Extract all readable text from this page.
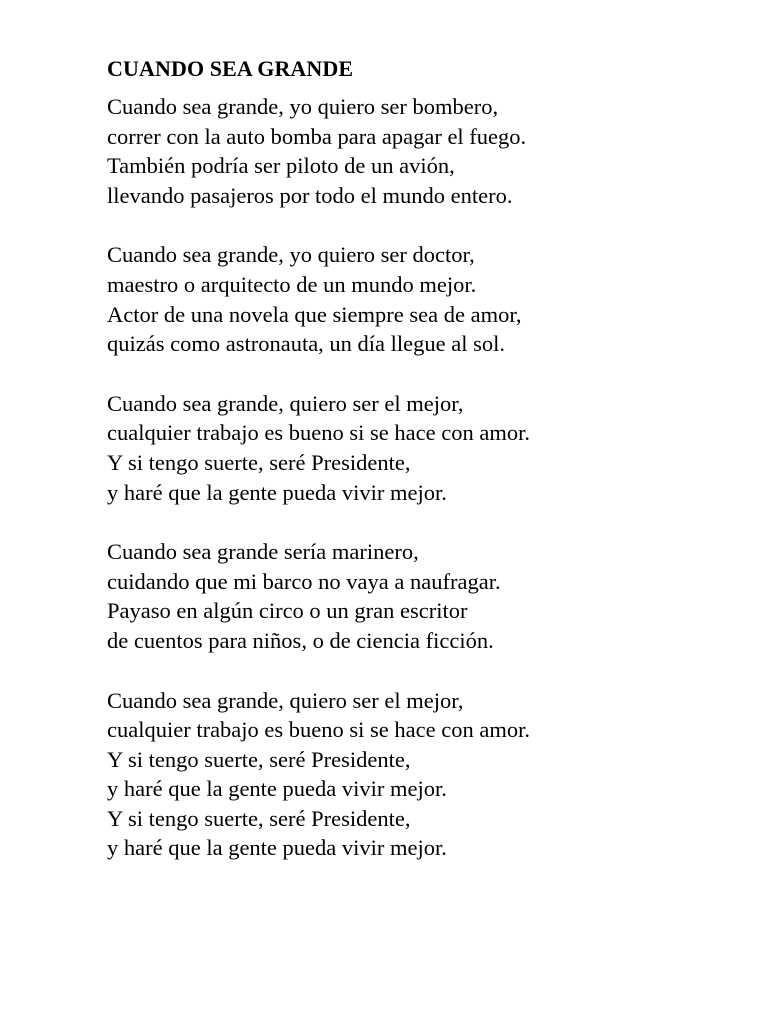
CUANDO SEA GRANDE
Cuando sea grande, yo quiero ser bombero,
correr con la auto bomba para apagar el fuego.
También podría ser piloto de un avión,
llevando pasajeros por todo el mundo entero.
Cuando sea grande, yo quiero ser doctor,
maestro o arquitecto de un mundo mejor.
Actor de una novela que siempre sea de amor,
quizás como astronauta, un día llegue al sol.
Cuando sea grande, quiero ser el mejor,
cualquier trabajo es bueno si se hace con amor.
Y si tengo suerte, seré Presidente,
y haré que la gente pueda vivir mejor.
Cuando sea grande sería marinero,
cuidando que mi barco no vaya a naufragar.
Payaso en algún circo o un gran escritor
de cuentos para niños, o de ciencia ficción.
Cuando sea grande, quiero ser el mejor,
cualquier trabajo es bueno si se hace con amor.
Y si tengo suerte, seré Presidente,
y haré que la gente pueda vivir mejor.
Y si tengo suerte, seré Presidente,
y haré que la gente pueda vivir mejor.
